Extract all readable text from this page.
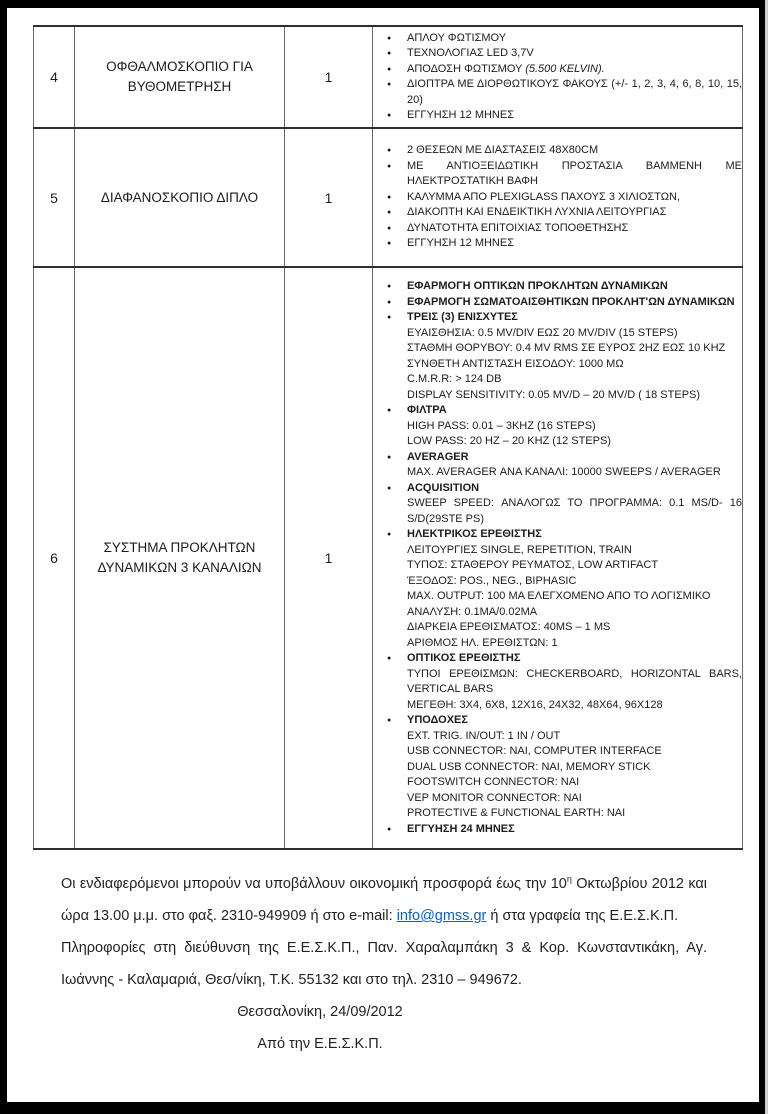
4	ΟΦΘΑΛΜΟΣΚΟΠΙΟ ΓΙΑ ΒΥΘΟΜΕΤΡΗΣΗ	1	
●	ΑΠΛΟΥ ΦΩΤΙΣΜΟΥ
●	ΤΕΧΝΟΛΟΓΙΑΣ LED 3,7V
●	ΑΠΟΔΟΣΗ ΦΩΤΙΣΜΟΥ (5.500 KELVIN).
●	ΔΙΟΠΤΡΑ ΜΕ ΔΙΟΡΘΩΤΙΚΟΥΣ ΦΑΚΟΥΣ (+/- 1, 2, 3, 4, 6, 8, 10, 15, 20)
●	ΕΓΓΥΗΣΗ 12 ΜΗΝΕΣ

5	ΔΙΑΦΑΝΟΣΚΟΠΙΟ ΔΙΠΛΟ	1	
●	2 ΘΕΣΕΩΝ ΜΕ ΔΙΑΣΤΑΣΕΙΣ 48X80CM
●	ΜΕ ΑΝΤΙΟΞΕΙΔΩΤΙΚΗ ΠΡΟΣΤΑΣΙΑ ΒΑΜΜΕΝΗ ΜΕ ΗΛΕΚΤΡΟΣΤΑΤΙΚΗ ΒΑΦΗ
●	ΚΑΛΥΜΜΑ ΑΠΟ PLEXIGLASS ΠΑΧΟΥΣ 3 ΧΙΛΙΟΣΤΩΝ,
●	ΔΙΑΚΟΠΤΗ ΚΑΙ ΕΝΔΕΙΚΤΙΚΗ ΛΥΧΝΙΑ ΛΕΙΤΟΥΡΓΙΑΣ
●	ΔΥΝΑΤΟΤΗΤΑ ΕΠΙΤΟΙΧΙΑΣ ΤΟΠΟΘΕΤΗΣΗΣ
●	ΕΓΓΥΗΣΗ 12 ΜΗΝΕΣ

6	ΣΥΣΤΗΜΑ ΠΡΟΚΛΗΤΩΝ ΔΥΝΑΜΙΚΩΝ 3 ΚΑΝΑΛΙΩΝ	1	
●	ΕΦΑΡΜΟΓΗ ΟΠΤΙΚΩΝ ΠΡΟΚΛΗΤΩΝ ΔΥΝΑΜΙΚΩΝ
●	ΕΦΑΡΜΟΓΗ ΣΩΜΑΤΟΑΙΣΘΗΤΙΚΩΝ ΠΡΟΚΛΗΤ'ΩΝ ΔΥΝΑΜΙΚΩΝ
●	ΤΡΕΙΣ (3) ΕΝΙΣΧΥΤΕΣ
ΕΥΑΙΣΘΗΣΙΑ: 0.5 MV/DIV ΕΩΣ 20 MV/DIV (15 STEPS)
ΣΤΑΘΜΗ ΘΟΡΥΒΟΥ: 0.4 MV RMS ΣΕ ΕΥΡΟΣ 2HZ ΕΩΣ 10 KHZ
ΣΥΝΘΕΤΗ ΑΝΤΙΣΤΑΣΗ ΕΙΣΟΔΟΥ: 1000 ΜΩ
C.M.R.R: > 124 DB
DISPLAY SENSITIVITY: 0.05 MV/D – 20 MV/D ( 18 STEPS)
●	ΦΙΛΤΡΑ
HIGH PASS: 0.01 – 3KHZ (16 STEPS)
LOW PASS: 20 HZ – 20 KHZ (12 STEPS)
●	AVERAGER
MAX. AVERAGER ΑΝΑ ΚΑΝΑΛΙ: 10000 SWEEPS / AVERAGER
●	ACQUISITION
SWEEP SPEED: ΑΝΑΛΟΓΩΣ ΤΟ ΠΡΟΓΡΑΜΜΑ: 0.1 MS/D- 16 S/D(29STE PS)
●	ΗΛΕΚΤΡΙΚΟΣ ΕΡΕΘΙΣΤΗΣ
ΛΕΙΤΟΥΡΓΙΕΣ SINGLE, REPETITION, TRAIN
ΤΥΠΟΣ: ΣΤΑΘΕΡΟΥ ΡΕΥΜΑΤΟΣ, LOW ARTIFACT
ΈΞΟΔΟΣ: POS., NEG., BIPHASIC
MAX. OUTPUT: 100 MA ΕΛΕΓΧΟΜΕΝΟ ΑΠΟ ΤΟ ΛΟΓΙΣΜΙΚΟ
ΑΝΑΛΥΣΗ: 0.1ΜΑ/0.02ΜΑ
ΔΙΑΡΚΕΙΑ ΕΡΕΘΙΣΜΑΤΟΣ: 40MS – 1 MS
ΑΡΙΘΜΟΣ ΗΛ. ΕΡΕΘΙΣΤΩΝ: 1
●	ΟΠΤΙΚΟΣ ΕΡΕΘΙΣΤΗΣ
ΤΥΠΟΙ ΕΡΕΘΙΣΜΩΝ: CHECKERBOARD, HORIZONTAL BARS, VERTICAL BARS
ΜΕΓΕΘΗ: 3X4, 6X8, 12X16, 24X32, 48X64, 96X128
●	ΥΠΟΔΟΧΕΣ
EXT. TRIG. IN/OUT: 1 IN / OUT
USB CONNECTOR: ΝΑΙ, COMPUTER INTERFACE
DUAL USB CONNECTOR: ΝΑΙ, MEMORY STICK
FOOTSWITCH CONNECTOR: ΝΑΙ
VEP MONITOR CONNECTOR: ΝΑΙ
PROTECTIVE & FUNCTIONAL EARTH: ΝΑΙ
●	ΕΓΓΥΗΣΗ 24 ΜΗΝΕΣ

Οι ενδιαφερόμενοι μπορούν να υποβάλλουν οικονομική προσφορά έως την $10^\eta$ Οκτωβρίου 2012 και ώρα 13.00 μ.μ. στο φαξ. 2310-949909 ή στο e-mail: info@gmss.gr ή στα γραφεία της Ε.Ε.Σ.Κ.Π.

Πληροφορίες στη διεύθυνση της Ε.Ε.Σ.Κ.Π., Παν. Χαραλαμπάκη 3 & Κορ. Κωνσταντικάκη, Αγ. Ιωάννης - Καλαμαριά, Θεσ/νίκη, Τ.Κ. 55132 και στο τηλ. 2310 – 949672.

Θεσσαλονίκη, 24/09/2012

Από την Ε.Ε.Σ.Κ.Π.
